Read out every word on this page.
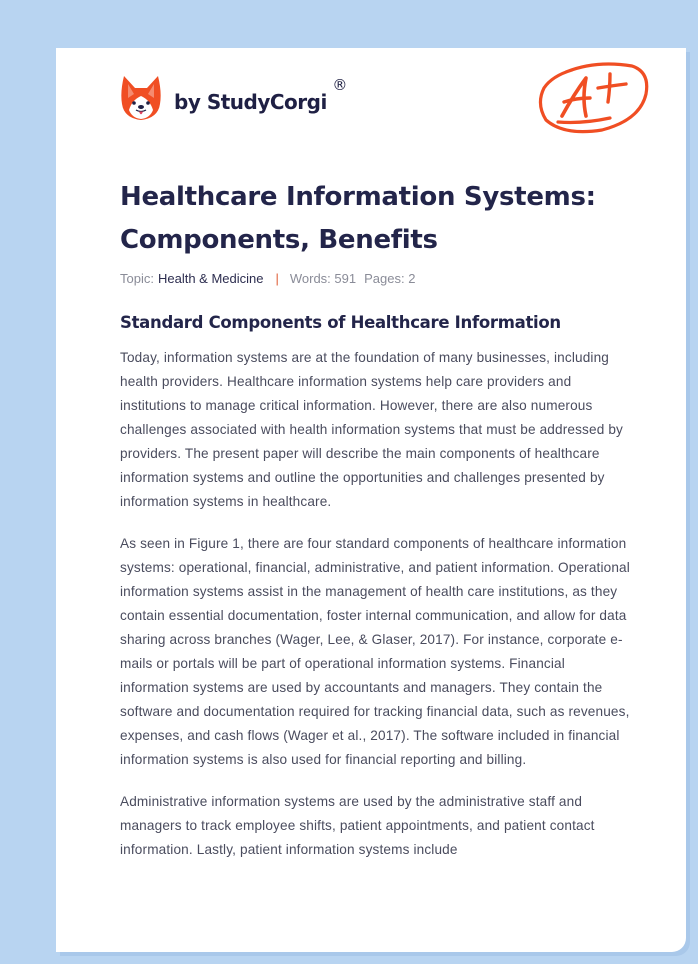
by StudyCorgi
®
Healthcare Information Systems: Components, Benefits
Topic: Health & Medicine | Words: 591 Pages: 2
Standard Components of Healthcare Information

Today, information systems are at the foundation of many businesses, including health providers. Healthcare information systems help care providers and institutions to manage critical information. However, there are also numerous challenges associated with health information systems that must be addressed by providers. The present paper will describe the main components of healthcare information systems and outline the opportunities and challenges presented by information systems in healthcare.

As seen in Figure 1, there are four standard components of healthcare information systems: operational, financial, administrative, and patient information. Operational information systems assist in the management of health care institutions, as they contain essential documentation, foster internal communication, and allow for data sharing across branches (Wager, Lee, & Glaser, 2017). For instance, corporate e-mails or portals will be part of operational information systems. Financial information systems are used by accountants and managers. They contain the software and documentation required for tracking financial data, such as revenues, expenses, and cash flows (Wager et al., 2017). The software included in financial information systems is also used for financial reporting and billing.

Administrative information systems are used by the administrative staff and managers to track employee shifts, patient appointments, and patient contact information. Lastly, patient information systems include
